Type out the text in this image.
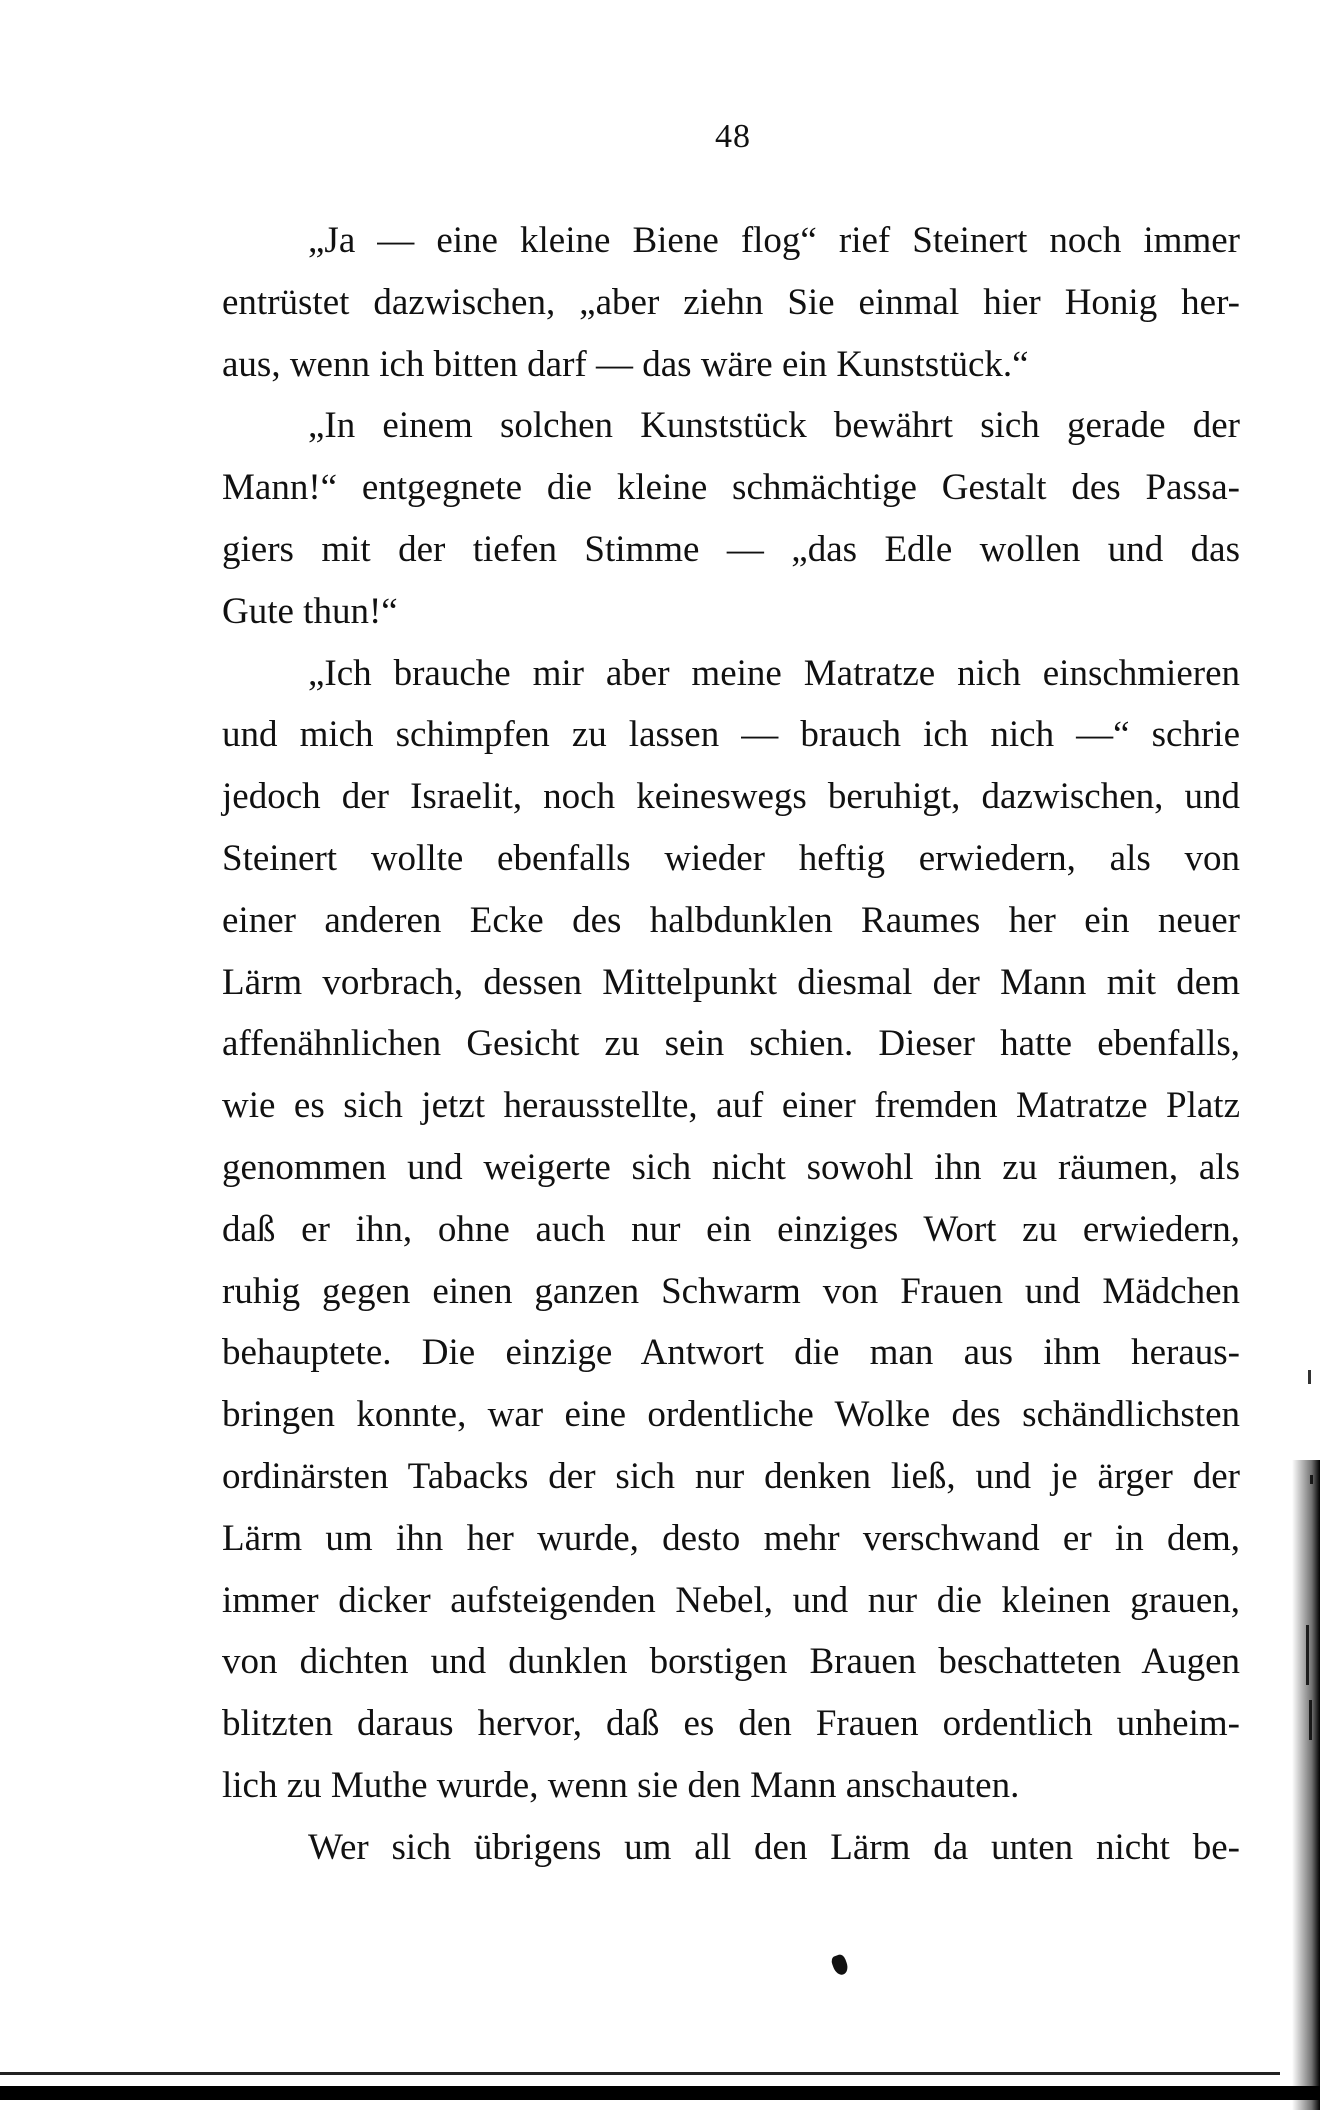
48
„Ja — eine kleine Biene flog“ rief Steinert noch immer
entrüstet dazwischen, „aber ziehn Sie einmal hier Honig her-
aus, wenn ich bitten darf — das wäre ein Kunststück.“
„In einem solchen Kunststück bewährt sich gerade der
Mann!“ entgegnete die kleine schmächtige Gestalt des Passa-
giers mit der tiefen Stimme — „das Edle wollen und das
Gute thun!“
„Ich brauche mir aber meine Matratze nich einschmieren
und mich schimpfen zu lassen — brauch ich nich —“ schrie
jedoch der Israelit, noch keineswegs beruhigt, dazwischen, und
Steinert wollte ebenfalls wieder heftig erwiedern, als von
einer anderen Ecke des halbdunklen Raumes her ein neuer
Lärm vorbrach, dessen Mittelpunkt diesmal der Mann mit dem
affenähnlichen Gesicht zu sein schien. Dieser hatte ebenfalls,
wie es sich jetzt herausstellte, auf einer fremden Matratze Platz
genommen und weigerte sich nicht sowohl ihn zu räumen, als
daß er ihn, ohne auch nur ein einziges Wort zu erwiedern,
ruhig gegen einen ganzen Schwarm von Frauen und Mädchen
behauptete. Die einzige Antwort die man aus ihm heraus-
bringen konnte, war eine ordentliche Wolke des schändlichsten
ordinärsten Tabacks der sich nur denken ließ, und je ärger der
Lärm um ihn her wurde, desto mehr verschwand er in dem,
immer dicker aufsteigenden Nebel, und nur die kleinen grauen,
von dichten und dunklen borstigen Brauen beschatteten Augen
blitzten daraus hervor, daß es den Frauen ordentlich unheim-
lich zu Muthe wurde, wenn sie den Mann anschauten.
Wer sich übrigens um all den Lärm da unten nicht be-
